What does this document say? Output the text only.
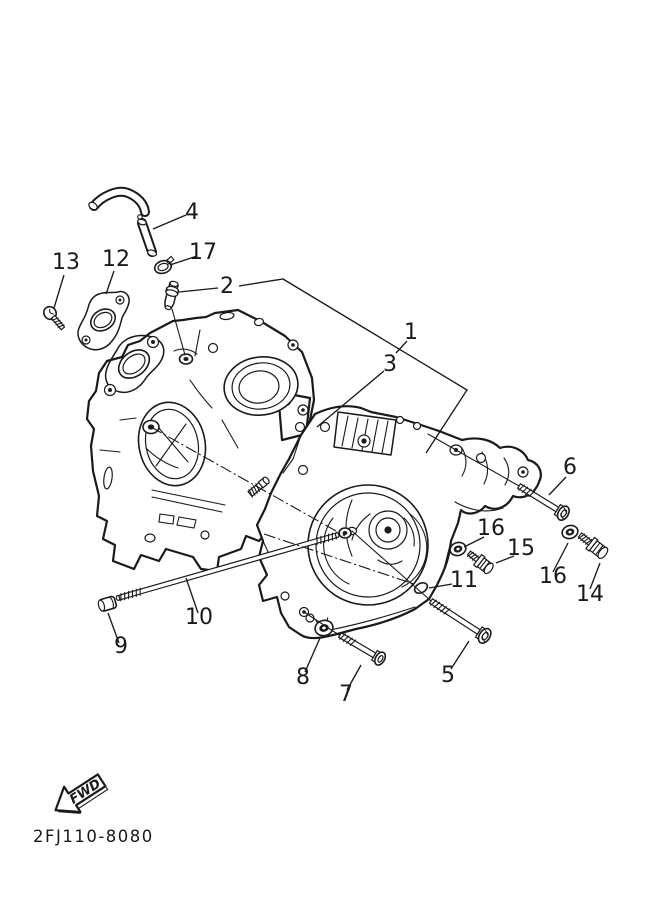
1
2
3
4
5
6
7
8
9
10
11
12
13
14
15
16
16
17
FWD
2FJ110-8080
